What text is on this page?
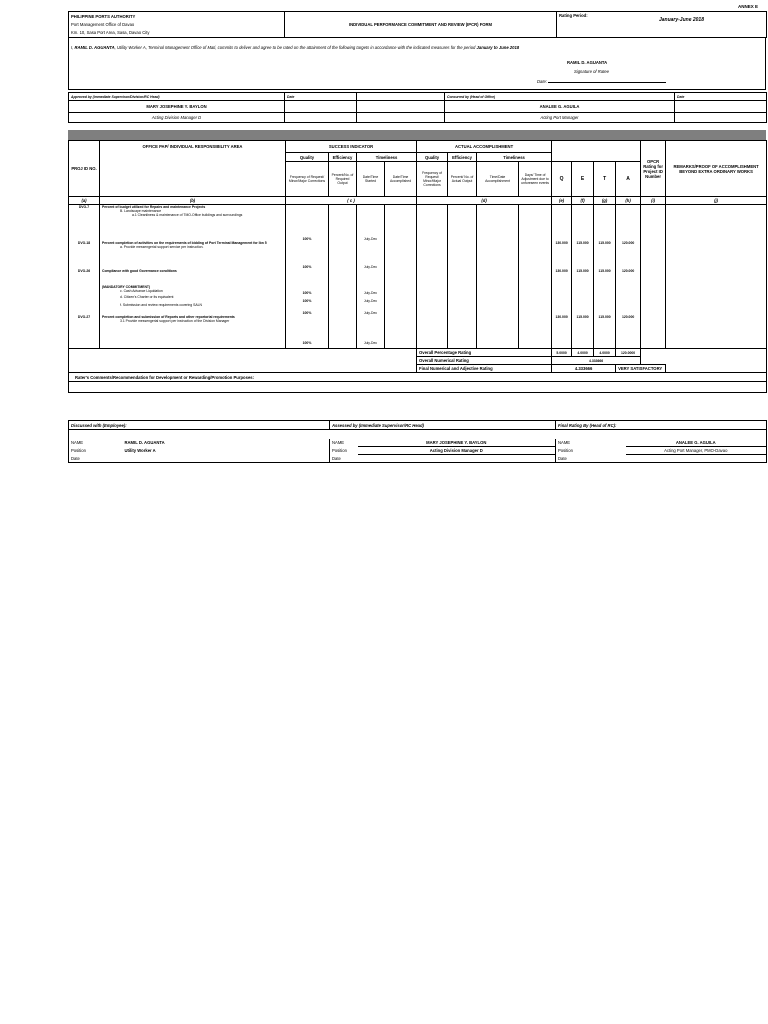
ANNEX E
PHILIPPINE PORTS AUTHORITY
Port Management Office of Davao
Km. 10, Sasa Port Area, Sasa, Davao City
	INDIVIDUAL PERFORMANCE COMMITMENT AND REVIEW (IPCR) FORM	
Rating Period:
January-June 2018
I, RAMIL D. AGUANTA, Utility Worker A, Terminal Management Office of Mati, commits to deliver and agree to be rated on the attainment of the following targets in accordance with the indicated measures for the period January to June 2018
RAMIL D. AGUANTA
Signature of Ratee
Date:
Approved by (Immediate Supervisor/Division/RC Head)	Date		Concurred by (Head of Office)	Date
MARY JOSEPHINE Y. BAYLON			ANALEE G. AGUILA	
Acting Division Manager D			Acting Port Manager	
PROJ ID NO.	OFFICE PAP/ INDIVIDUAL RESPONSIBILITY AREA	SUCCESS INDICATOR				ACTUAL ACCOMPLISHMENT								OPCR Rating for Project ID Number	REMARKS/PROOF OF ACCOMPLISHMENT BEYOND EXTRA ORDINARY WORKS
		Quality	Efficiency	Timeliness		Quality	Efficiency	Timeliness							
		Frequency of Request/ Minor/Major Corrections	Percent/No. of Required Output	Date/Time Started	Date/Time Accomplished	Frequency of Request/ Minor/Major Corrections	Percent/ No. of Actual Output	Time/Date Accomplishment	Days/ Time of Adjustment due to unforeseen events	Q	E	T	A		
(a)	(b)	( c )				(d)				(e)	(f)	(g)	(h)	(i)	(j)
DVO-7	Percent of budget utilized for Repairs and maintenance Projects
B. Landscape maintenance
a.1 Cleanliness & maintenance of TMO-Office buildings and surroundings	100%		July-Dec											
DVO-18	Percent completion of activities on the requirements of bidding of Port Terminal Management for Ibn 5
a. Provide messengerial support service per instruction.	100%		July-Dec						130.000	115.000	115.000	120.000		
DVO-26	Compliance with good Governance conditions									130.000	115.000	115.000	120.000		

	(MANDATORY COMMITMENT)
c. Cash Advance Liquidation	100%		July-Dec											

	d. Citizen's Charter or its equivalent	100%		July-Dec											

	f. Submission and review requirements covering SALN	100%		July-Dec											
DVO-27	Percent completion and submission of Reports and other reportorial requirements
3.1 Provide messengerial support per instruction of the Division Manager	100%		July-Dec						130.000	115.000	115.000	120.000		

						Overall Percentage Rating				5.0000	4.0000	4.0000	120.0000		
						Overall Numerical Rating				4.333666					
						Final Numerical and Adjective Rating				4.333666			VERY SATISFACTORY		
Rater's Comments/Recommendation for Development or Rewarding/Promotion Purposes:															

Discussed with (Employee):		Assessed by (Immediate Supervisor/RC Head)		Final Rating By (Head of RC):	

NAME	RAMIL D. AGUANTA	NAME	MARY JOSEPHINE Y. BAYLON	NAME	ANALEE G. AGUILA
Position	Utility Worker A	Position	Acting Division Manager D	Position	Acting Port Manager, PMO-Davao
Date		Date		Date	
